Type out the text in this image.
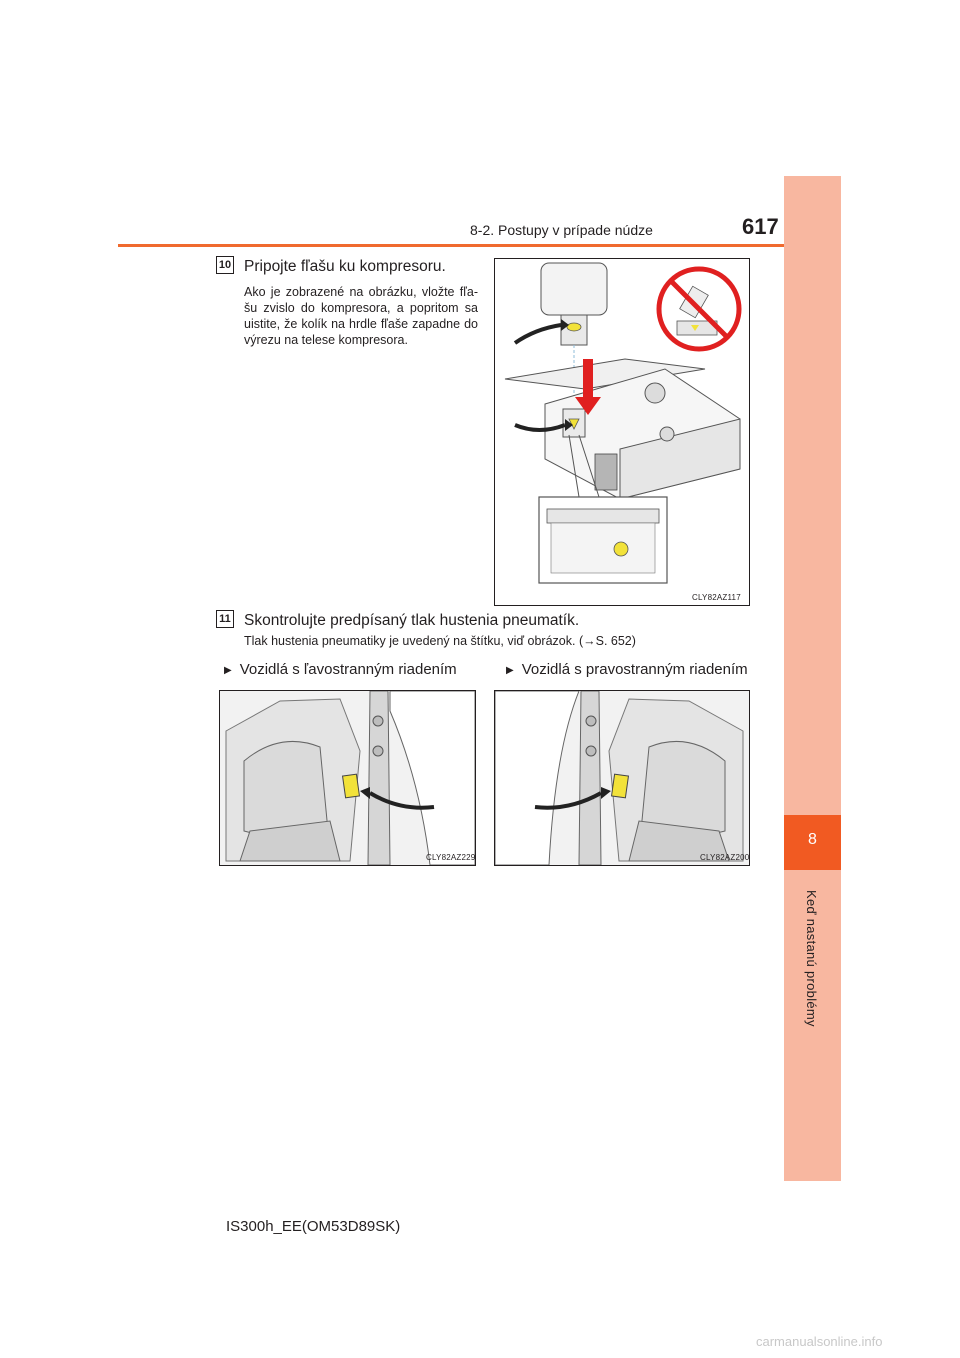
8-2. Postupy v prípade núdze	617
8
Keď nastanú problémy
10 Pripojte fľašu ku kompresoru.
Ako je zobrazené na obrázku, vložte fľa-šu zvislo do kompresora, a popritom sa uistite, že kolík na hrdle fľaše zapadne do výrezu na telese kompresora.
CLY82AZ117
11 Skontrolujte predpísaný tlak hustenia pneumatík.
Tlak hustenia pneumatiky je uvedený na štítku, viď obrázok. (→S. 652)
▶ Vozidlá s ľavostranným riadením	▶ Vozidlá s pravostranným riadením
CLY82AZ229	CLY82AZ200
IS300h_EE(OM53D89SK)
carmanualsonline.info
